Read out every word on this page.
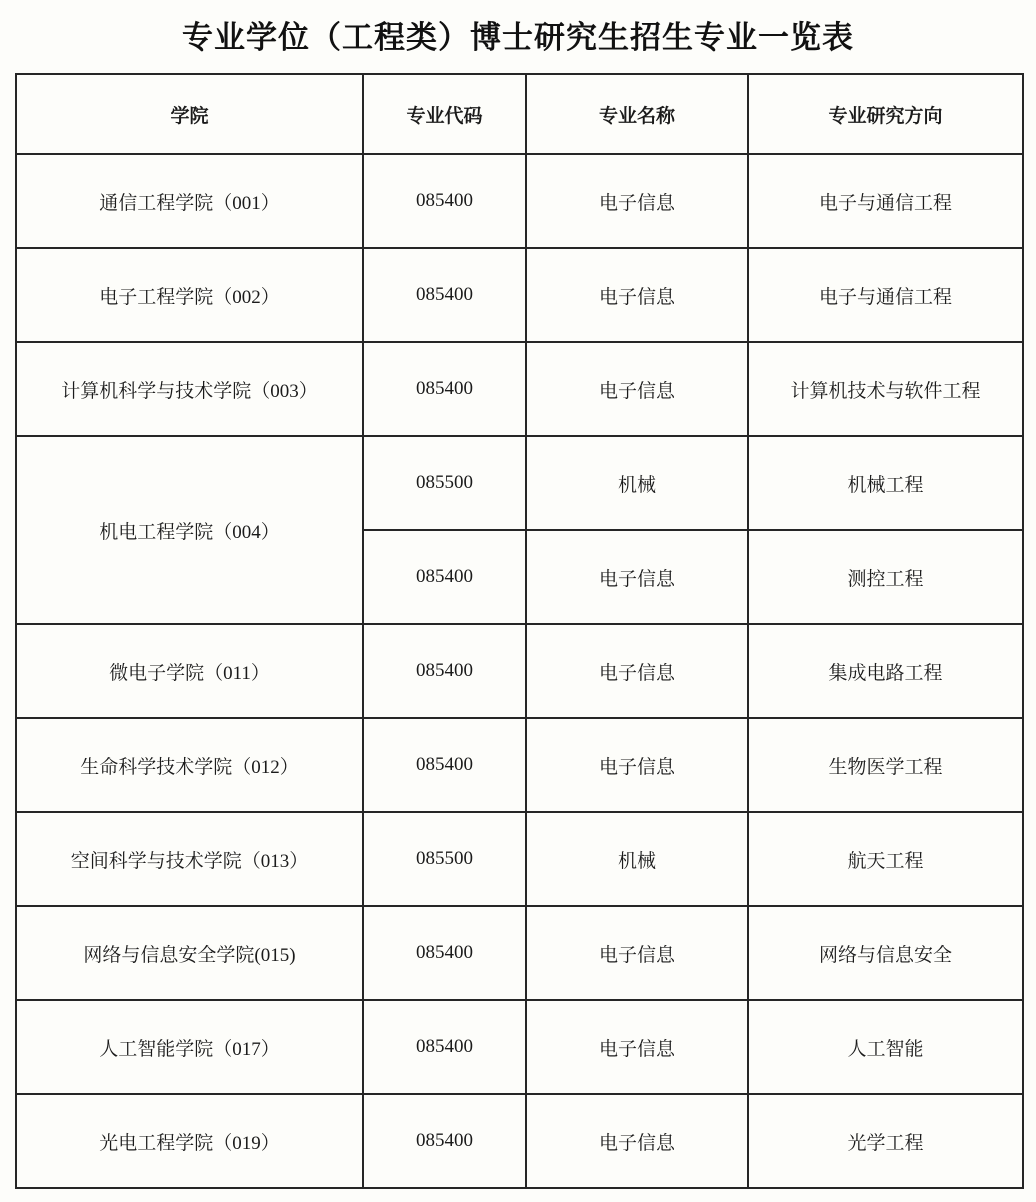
专业学位（工程类）博士研究生招生专业一览表
学院	专业代码	专业名称	专业研究方向
通信工程学院（001）	085400	电子信息	电子与通信工程
电子工程学院（002）	085400	电子信息	电子与通信工程
计算机科学与技术学院（003）	085400	电子信息	计算机技术与软件工程
机电工程学院（004）	085500	机械	机械工程
	085400	电子信息	测控工程
微电子学院（011）	085400	电子信息	集成电路工程
生命科学技术学院（012）	085400	电子信息	生物医学工程
空间科学与技术学院（013）	085500	机械	航天工程
网络与信息安全学院(015)	085400	电子信息	网络与信息安全
人工智能学院（017）	085400	电子信息	人工智能
光电工程学院（019）	085400	电子信息	光学工程
